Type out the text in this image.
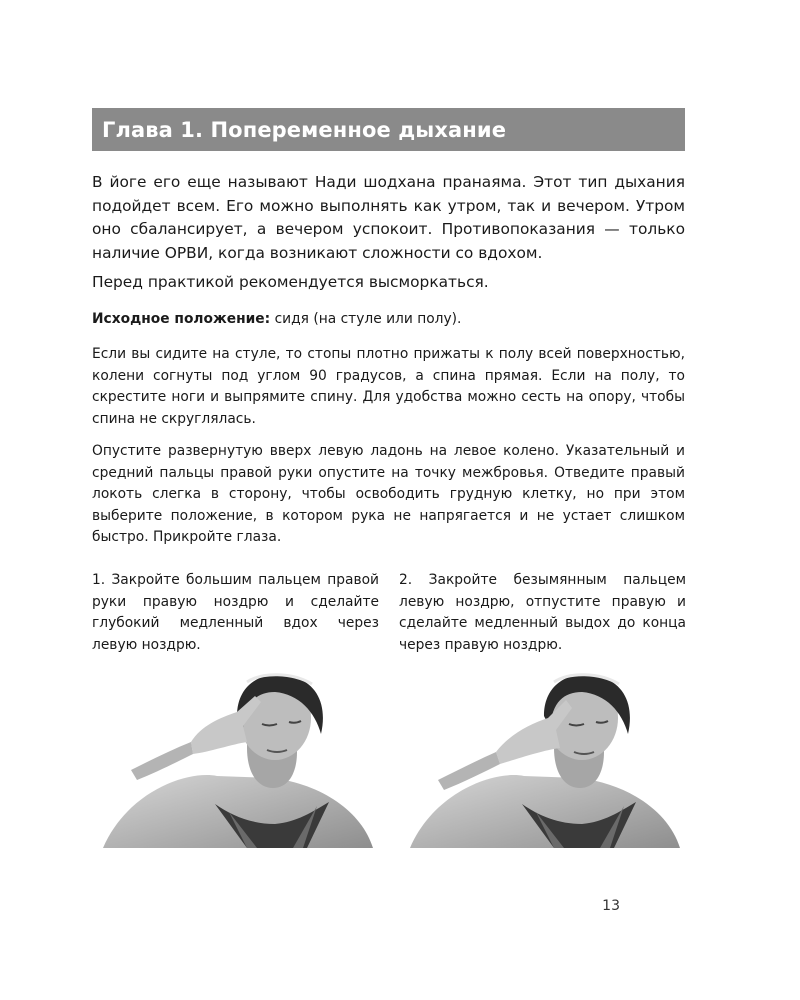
Глава 1. Попеременное дыхание

В йоге его еще называют Нади шодхана пранаяма. Этот тип дыхания подойдет всем. Его можно выполнять как утром, так и вечером. Утром оно сбалансирует, а вечером успокоит. Противопоказания — только наличие ОРВИ, когда возникают сложности со вдохом.

Перед практикой рекомендуется высморкаться.

Исходное положение: сидя (на стуле или полу).

Если вы сидите на стуле, то стопы плотно прижаты к полу всей поверхностью, колени согнуты под углом 90 градусов, а спина прямая. Если на полу, то скрестите ноги и выпрямите спину. Для удобства можно сесть на опору, чтобы спина не скруглялась.

Опустите развернутую вверх левую ладонь на левое колено. Указательный и средний пальцы правой руки опустите на точку межбровья. Отведите правый локоть слегка в сторону, чтобы освободить грудную клетку, но при этом выберите положение, в котором рука не напрягается и не устает слишком быстро. Прикройте глаза.

1. Закройте большим пальцем правой руки правую ноздрю и сделайте глубокий медленный вдох через левую ноздрю.

2. Закройте безымянным пальцем левую ноздрю, отпустите правую и сделайте медленный выдох до конца через правую ноздрю.

13
